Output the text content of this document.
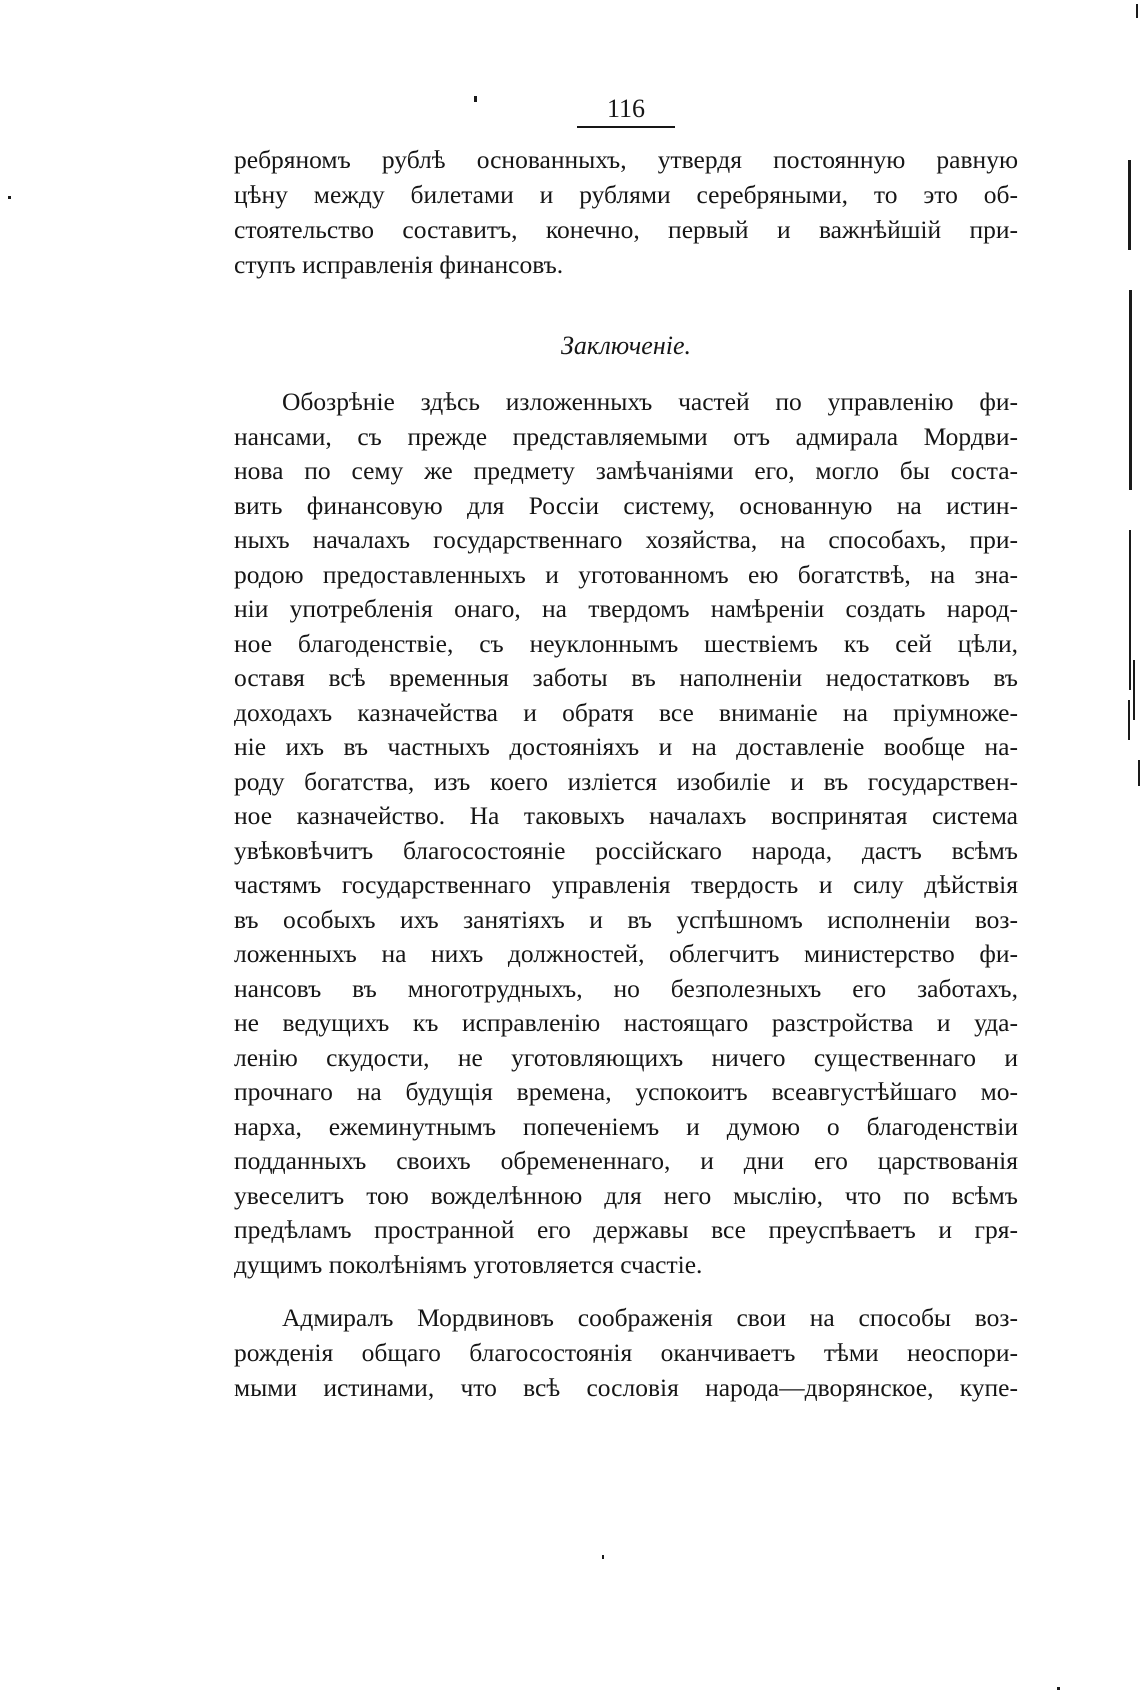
116
ребряномъ рублѣ основанныхъ, утвердя постоянную равную
цѣну между билетами и рублями серебряными, то это об-
стоятельство составитъ, конечно, первый и важнѣйшій при-
ступъ исправленія финансовъ.
Заключеніе.
Обозрѣніе здѣсь изложенныхъ частей по управленію фи-
нансами, съ прежде представляемыми отъ адмирала Мордви-
нова по сему же предмету замѣчаніями его, могло бы соста-
вить финансовую для Россіи систему, основанную на истин-
ныхъ началахъ государственнаго хозяйства, на способахъ, при-
родою предоставленныхъ и уготованномъ ею богатствѣ, на зна-
ніи употребленія онаго, на твердомъ намѣреніи создать народ-
ное благоденствіе, съ неуклоннымъ шествіемъ къ сей цѣли,
оставя всѣ временныя заботы въ наполненіи недостатковъ въ
доходахъ казначейства и обратя все вниманіе на пріумноже-
ніе ихъ въ частныхъ достояніяхъ и на доставленіе вообще на-
роду богатства, изъ коего изліется изобиліе и въ государствен-
ное казначейство. На таковыхъ началахъ воспринятая система
увѣковѣчитъ благосостояніе россійскаго народа, дастъ всѣмъ
частямъ государственнаго управленія твердость и силу дѣйствія
въ особыхъ ихъ занятіяхъ и въ успѣшномъ исполненіи воз-
ложенныхъ на нихъ должностей, облегчитъ министерство фи-
нансовъ въ многотрудныхъ, но безполезныхъ его заботахъ,
не ведущихъ къ исправленію настоящаго разстройства и уда-
ленію скудости, не уготовляющихъ ничего существеннаго и
прочнаго на будущія времена, успокоитъ всеавгустѣйшаго мо-
нарха, ежеминутнымъ попеченіемъ и думою о благоденствіи
подданныхъ своихъ обремененнаго, и дни его царствованія
увеселитъ тою вожделѣнною для него мыслію, что по всѣмъ
предѣламъ пространной его державы все преуспѣваетъ и гря-
дущимъ поколѣніямъ уготовляется счастіе.
Адмиралъ Мордвиновъ соображенія свои на способы воз-
рожденія общаго благосостоянія оканчиваетъ тѣми неоспори-
мыми истинами, что всѣ сословія народа—дворянское, купе-
